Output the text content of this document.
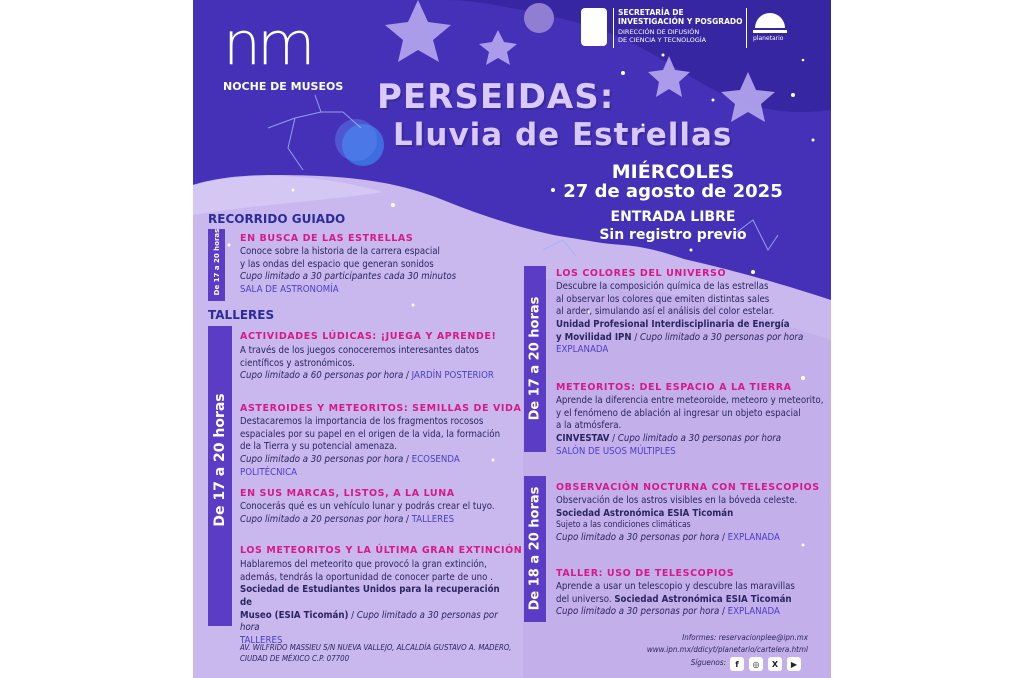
nm
NOCHE DE MUSEOS
SECRETARÍA DE
INVESTIGACIÓN Y POSGRADO
DIRECCIÓN DE DIFUSIÓN
DE CIENCIA Y TECNOLOGÍA	planetario
PERSEIDAS:
Lluvia de Estrellas
MIÉRCOLES
27 de agosto de 2025
ENTRADA LIBRE
Sin registro previo
RECORRIDO GUIADO
De 17 a 20 horas EN BUSCA DE LAS ESTRELLAS
Conoce sobre la historia de la carrera espacial
y las ondas del espacio que generan sonidos
Cupo limitado a 30 participantes cada 30 minutos
SALA DE ASTRONOMÍA
TALLERES
De 17 a 20 horas
ACTIVIDADES LÚDICAS: ¡JUEGA Y APRENDE!
A través de los juegos conoceremos interesantes datos
científicos y astronómicos.
Cupo limitado a 60 personas por hora / JARDÍN POSTERIOR
ASTEROIDES Y METEORITOS: SEMILLAS DE VIDA
Destacaremos la importancia de los fragmentos rocosos
espaciales por su papel en el origen de la vida, la formación
de la Tierra y su potencial amenaza.
Cupo limitado a 30 personas por hora / ECOSENDA POLITÉCNICA
EN SUS MARCAS, LISTOS, A LA LUNA
Conocerás qué es un vehículo lunar y podrás crear el tuyo.
Cupo limitado a 20 personas por hora / TALLERES
LOS METEORITOS Y LA ÚLTIMA GRAN EXTINCIÓN
Hablaremos del meteorito que provocó la gran extinción,
además, tendrás la oportunidad de conocer parte de uno .
Sociedad de Estudiantes Unidos para la recuperación de
Museo (ESIA Ticomán) / Cupo limitado a 30 personas por hora
TALLERES
De 17 a 20 horas
LOS COLORES DEL UNIVERSO
Descubre la composición química de las estrellas
al observar los colores que emiten distintas sales
al arder, simulando así el análisis del color estelar.
Unidad Profesional Interdisciplinaria de Energía
y Movilidad IPN / Cupo limitado a 30 personas por hora
EXPLANADA
METEORITOS: DEL ESPACIO A LA TIERRA
Aprende la diferencia entre meteoroide, meteoro y meteorito,
y el fenómeno de ablación al ingresar un objeto espacial
a la atmósfera.
CINVESTAV / Cupo limitado a 30 personas por hora
SALÓN DE USOS MÚLTIPLES
De 18 a 20 horas OBSERVACIÓN NOCTURNA CON TELESCOPIOS
Observación de los astros visibles en la bóveda celeste.
Sociedad Astronómica ESIA Ticomán
Sujeto a las condiciones climáticas
Cupo limitado a 30 personas por hora / EXPLANADA
TALLER: USO DE TELESCOPIOS
Aprende a usar un telescopio y descubre las maravillas
del universo. Sociedad Astronómica ESIA Ticomán
Cupo limitado a 30 personas por hora / EXPLANADA
AV. WILFRIDO MASSIEU S/N NUEVA VALLEJO, ALCALDÍA GUSTAVO A. MADERO,
CIUDAD DE MÉXICO C.P. 07700
Informes: reservacionplee@ipn.mx
www.ipn.mx/ddicyt/planetario/cartelera.html
Síguenos:	f	◎	X	▶
